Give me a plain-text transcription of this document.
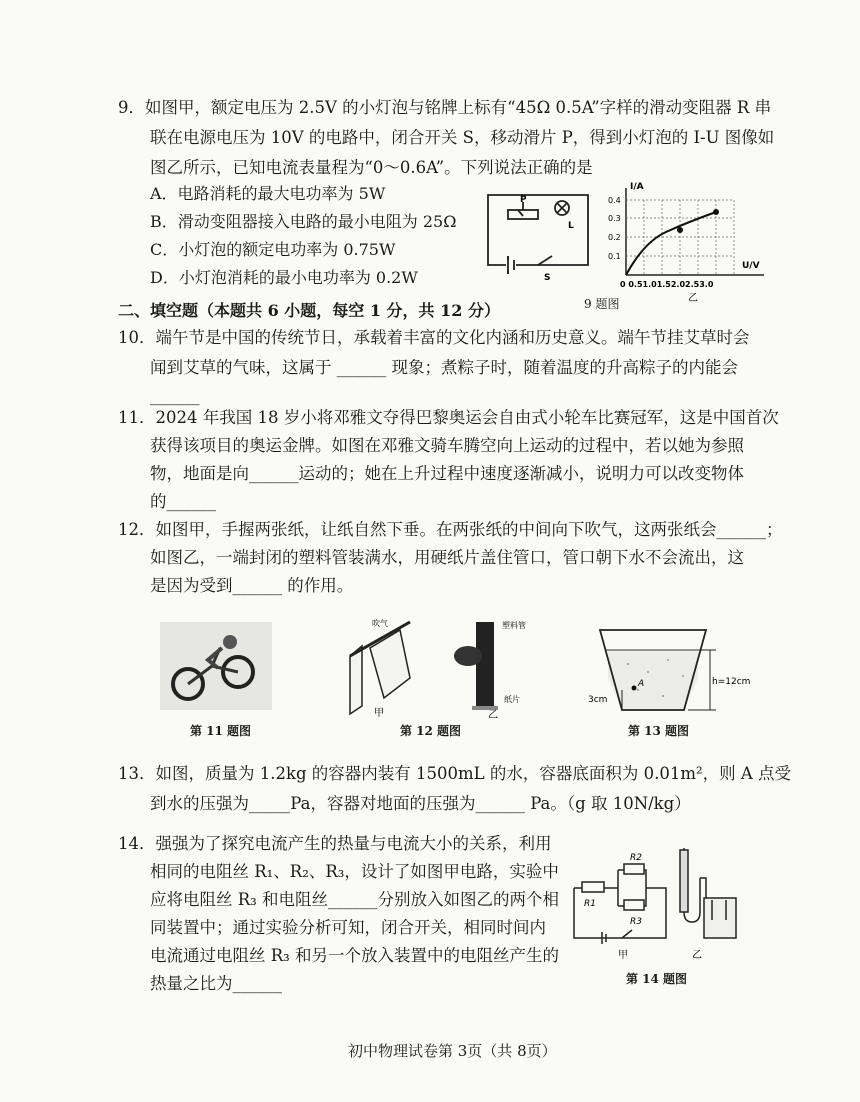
9．如图甲，额定电压为 2.5V 的小灯泡与铭牌上标有“45Ω 0.5A”字样的滑动变阻器 R 串
联在电源电压为 10V 的电路中，闭合开关 S，移动滑片 P，得到小灯泡的 I-U 图像如
图乙所示，已知电流表量程为“0～0.6A”。下列说法正确的是
A．电路消耗的最大电功率为 5W
B．滑动变阻器接入电路的最小电阻为 25Ω
C．小灯泡的额定电功率为 0.75W
D．小灯泡消耗的最小电功率为 0.2W
P
L
S
I/A
U/V
0.4
0.3
0.2
0.1
0 0.51.01.52.02.53.0
乙
9 题图
二、填空题（本题共 6 小题，每空 1 分，共 12 分）
10．端午节是中国的传统节日，承载着丰富的文化内涵和历史意义。端午节挂艾草时会
闻到艾草的气味，这属于 ______ 现象；煮粽子时，随着温度的升高粽子的内能会
______
11．2024 年我国 18 岁小将邓雅文夺得巴黎奥运会自由式小轮车比赛冠军，这是中国首次
获得该项目的奥运金牌。如图在邓雅文骑车腾空向上运动的过程中，若以她为参照
物，地面是向______运动的；她在上升过程中速度逐渐减小，说明力可以改变物体
的______
12．如图甲，手握两张纸，让纸自然下垂。在两张纸的中间向下吹气，这两张纸会______；
如图乙，一端封闭的塑料管装满水，用硬纸片盖住管口，管口朝下水不会流出，这
是因为受到______ 的作用。
第 11 题图
吹气
甲
塑料管
纸片
乙
第 12 题图
A	h=12cm
3cm
第 13 题图
13．如图，质量为 1.2kg 的容器内装有 1500mL 的水，容器底面积为 0.01m²，则 A 点受
到水的压强为_____Pa，容器对地面的压强为______ Pa。（g 取 10N/kg）
14．强强为了探究电流产生的热量与电流大小的关系，利用
相同的电阻丝 R₁、R₂、R₃，设计了如图甲电路，实验中
应将电阻丝 R₃ 和电阻丝______分别放入如图乙的两个相
同装置中；通过实验分析可知，闭合开关，相同时间内
电流通过电阻丝 R₃ 和另一个放入装置中的电阻丝产生的
热量之比为______
R1
R2
R3
甲	乙
第 14 题图
初中物理试卷第 3页（共 8页）
